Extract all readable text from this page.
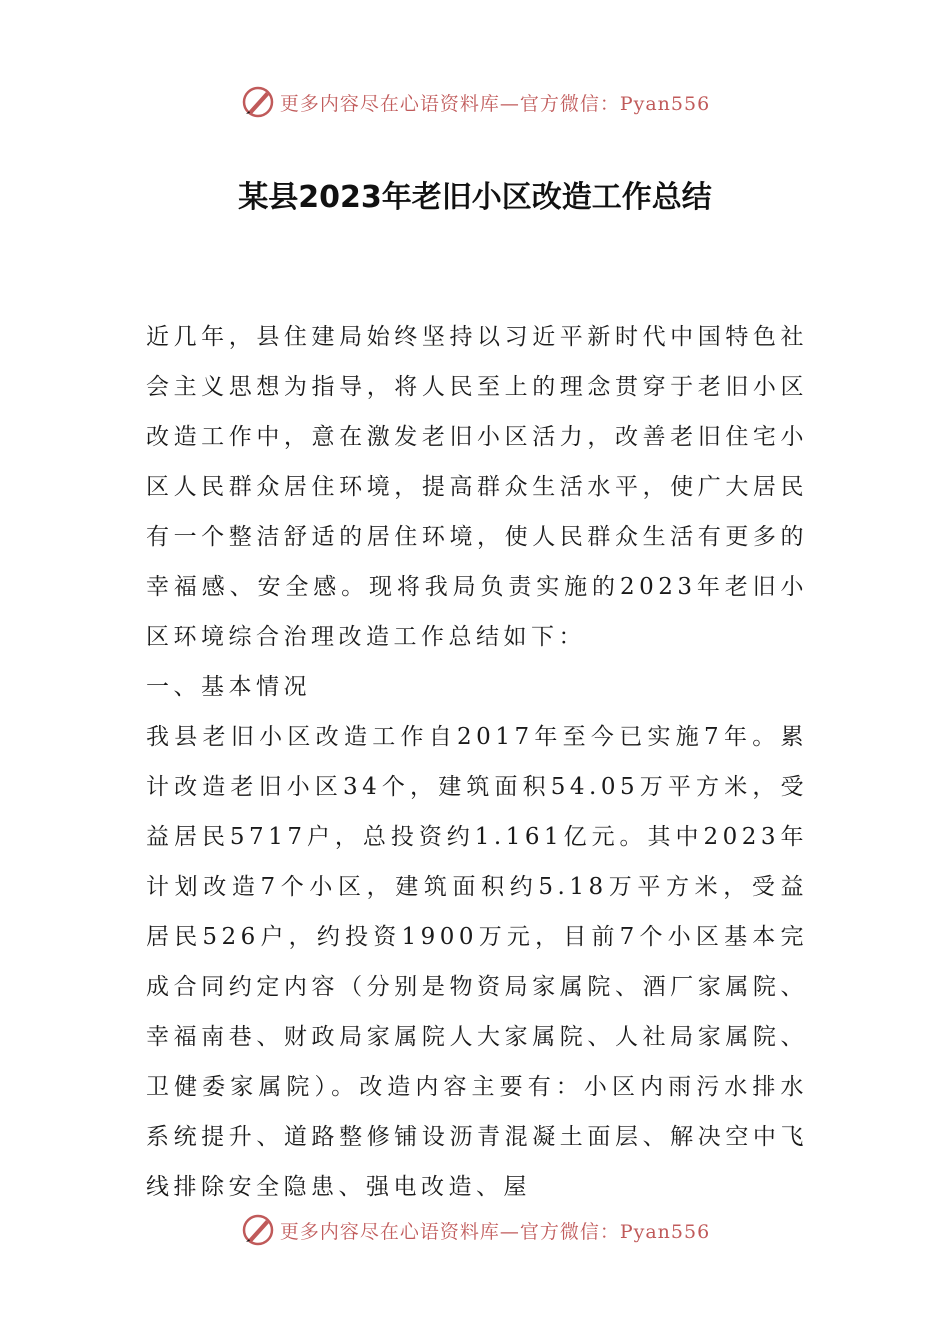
更多内容尽在心语资料库—官方微信：Pyan556
某县2023年老旧小区改造工作总结

近几年，县住建局始终坚持以习近平新时代中国特色社会主义思想为指导，将人民至上的理念贯穿于老旧小区改造工作中，意在激发老旧小区活力，改善老旧住宅小区人民群众居住环境，提高群众生活水平，使广大居民有一个整洁舒适的居住环境，使人民群众生活有更多的幸福感、安全感。现将我局负责实施的2023年老旧小区环境综合治理改造工作总结如下：

一、基本情况

我县老旧小区改造工作自2017年至今已实施7年。累计改造老旧小区34个，建筑面积54.05万平方米，受益居民5717户，总投资约1.161亿元。其中2023年计划改造7个小区，建筑面积约5.18万平方米，受益居民526户，约投资1900万元，目前7个小区基本完成合同约定内容（分别是物资局家属院、酒厂家属院、幸福南巷、财政局家属院人大家属院、人社局家属院、卫健委家属院）。改造内容主要有：小区内雨污水排水系统提升、道路整修铺设沥青混凝土面层、解决空中飞线排除安全隐患、强电改造、屋

更多内容尽在心语资料库—官方微信：Pyan556
